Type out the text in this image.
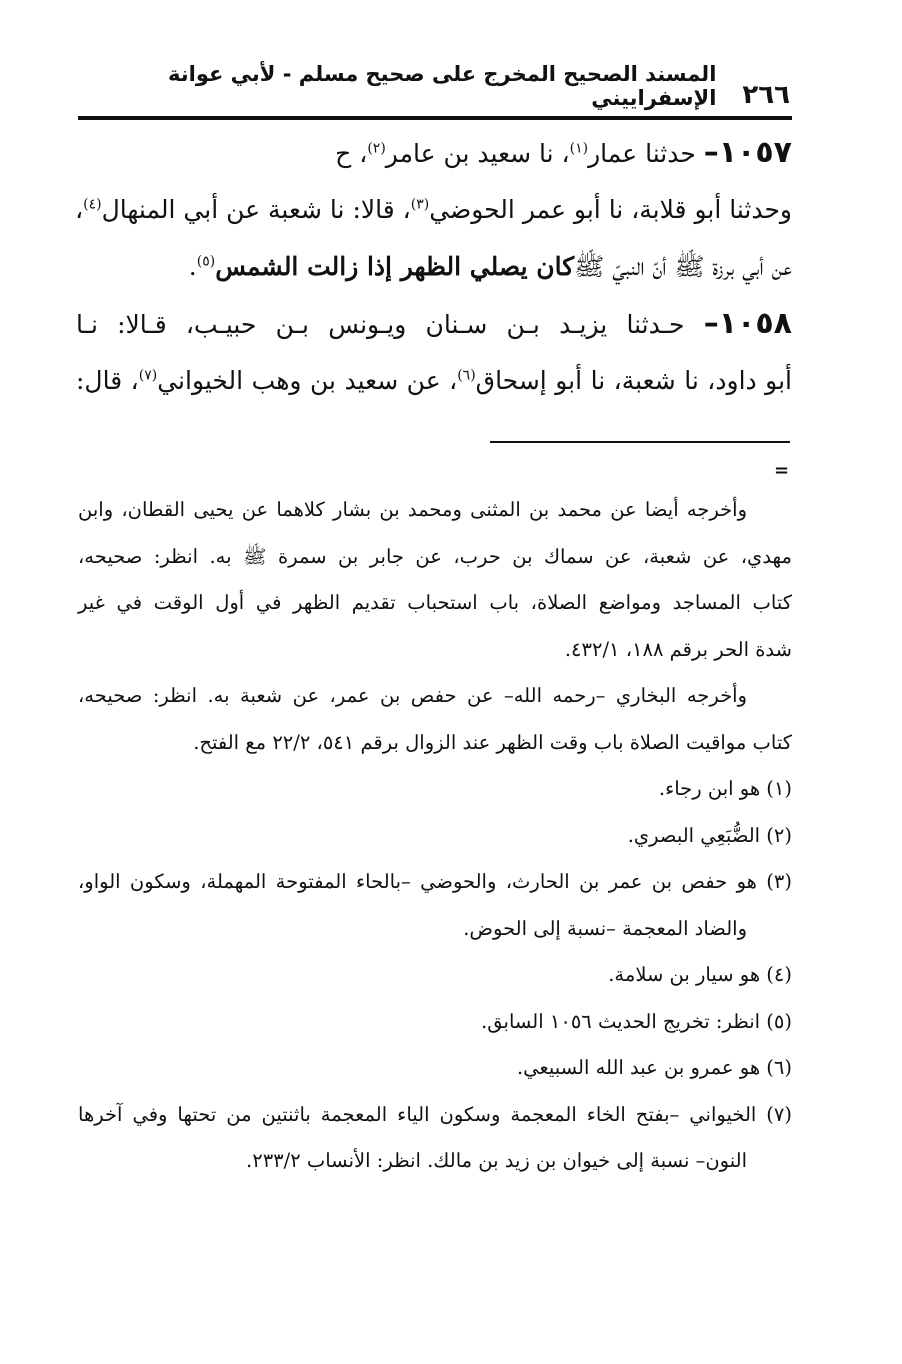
٢٦٦
المسند الصحيح المخرج على صحيح مسلم - لأبي عوانة الإسفراييني
١٠٥٧– حدثنا عمار$^{(١)}$، نا سعيد بن عامر$^{(٢)}$، ح
وحدثنا أبو قلابة، نا أبو عمر الحوضي$^{(٣)}$، قالا: نا شعبة عن أبي المنهال$^{(٤)}$،
عن أبي برزة ﷺ أنّ النبيّ ﷺكان يصلي الظهر إذا زالت الشمس$^{(٥)}$.
١٠٥٨– حـدثنا يزيـد بـن سـنان ويـونس بـن حبيـب، قـالا: نـا
أبو داود، نا شعبة، نا أبو إسحاق$^{(٦)}$، عن سعيد بن وهب الخيواني$^{(٧)}$، قال:
=
وأخرجه أيضا عن محمد بن المثنى ومحمد بن بشار كلاهما عن يحيى القطان، وابن
مهدي، عن شعبة، عن سماك بن حرب، عن جابر بن سمرة ﷺ به. انظر: صحيحه،
كتاب المساجد ومواضع الصلاة، باب استحباب تقديم الظهر في أول الوقت في غير
شدة الحر برقم ١٨٨، ٤٣٢/١.
وأخرجه البخاري –رحمه الله– عن حفص بن عمر، عن شعبة به. انظر: صحيحه،
كتاب مواقيت الصلاة باب وقت الظهر عند الزوال برقم ٥٤١، ٢٢/٢ مع الفتح.
(١) هو ابن رجاء.
(٢) الضُّبَعِي البصري.
(٣) هو حفص بن عمر بن الحارث، والحوضي –بالحاء المفتوحة المهملة، وسكون الواو،
والضاد المعجمة –نسبة إلى الحوض.
(٤) هو سيار بن سلامة.
(٥) انظر: تخريج الحديث ١٠٥٦ السابق.
(٦) هو عمرو بن عبد الله السبيعي.
(٧) الخيواني –بفتح الخاء المعجمة وسكون الياء المعجمة باثنتين من تحتها وفي آخرها
النون– نسبة إلى خيوان بن زيد بن مالك. انظر: الأنساب ٢٣٣/٢.
